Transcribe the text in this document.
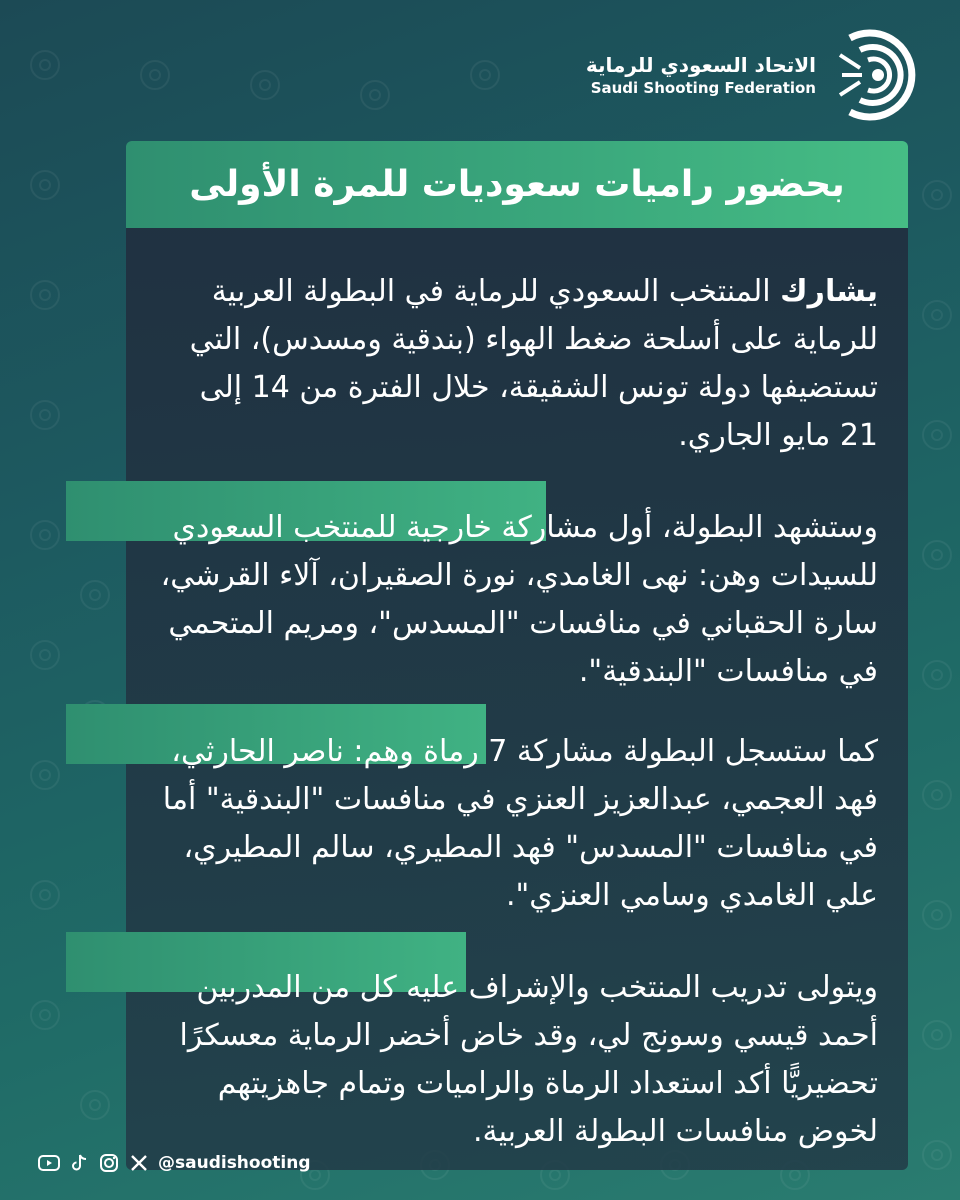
الاتحاد السعودي للرماية
Saudi Shooting Federation
بحضور راميات سعوديات للمرة الأولى
يشارك المنتخب السعودي للرماية في البطولة العربية للرماية على أسلحة ضغط الهواء (بندقية ومسدس)، التي تستضيفها دولة تونس الشقيقة، خلال الفترة من 14 إلى 21 مايو الجاري.
وستشهد البطولة، أول مشاركة خارجية للمنتخب السعودي للسيدات وهن: نهى الغامدي، نورة الصقيران، آلاء القرشي، سارة الحقباني في منافسات "المسدس"، ومريم المتحمي في منافسات "البندقية".
كما ستسجل البطولة مشاركة 7 رماة وهم: ناصر الحارثي، فهد العجمي، عبدالعزيز العنزي في منافسات "البندقية" أما في منافسات "المسدس" فهد المطيري، سالم المطيري، علي الغامدي وسامي العنزي".
ويتولى تدريب المنتخب والإشراف عليه كل من المدربين أحمد قيسي وسونج لي، وقد خاض أخضر الرماية معسكرًا تحضيريًّا أكد استعداد الرماة والراميات وتمام جاهزيتهم لخوض منافسات البطولة العربية.
@saudishooting
